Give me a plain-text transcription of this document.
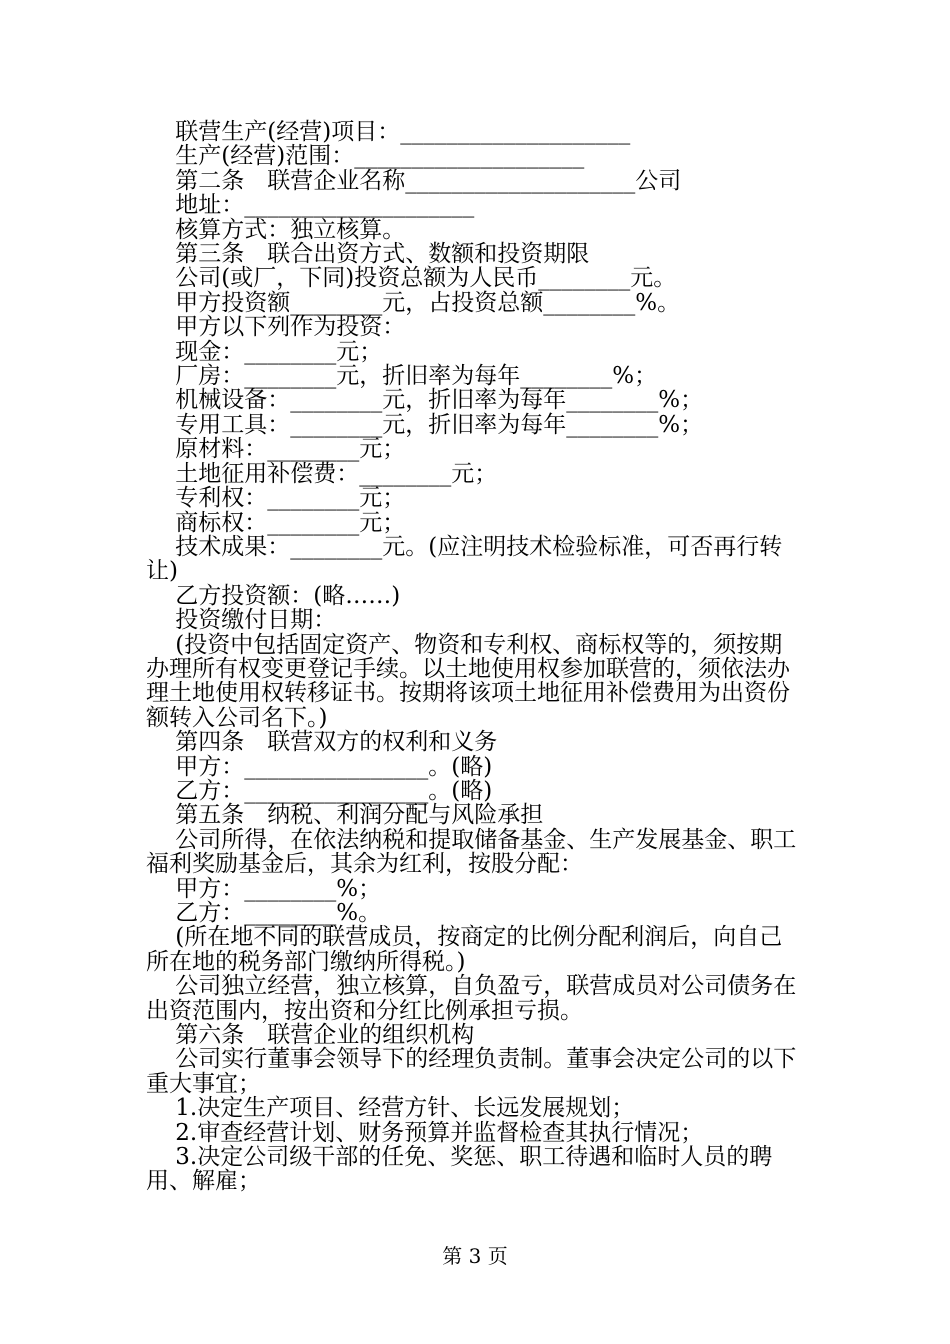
联营生产(经营)项目：____________________

生产(经营)范围：____________________

第二条　联营企业名称____________________公司

地址：____________________

核算方式：独立核算。

第三条　联合出资方式、数额和投资期限

公司(或厂，下同)投资总额为人民币________元。

甲方投资额________元，占投资总额________%。

甲方以下列作为投资：

现金：________元；

厂房：________元，折旧率为每年________%；

机械设备：________元，折旧率为每年________%；

专用工具：________元，折旧率为每年________%；

原材料：________元；

土地征用补偿费：________元；

专利权：________元；

商标权：________元；

技术成果：________元。(应注明技术检验标准，可否再行转让)

乙方投资额：(略……)

投资缴付日期：

(投资中包括固定资产、物资和专利权、商标权等的，须按期办理所有权变更登记手续。以土地使用权参加联营的，须依法办理土地使用权转移证书。按期将该项土地征用补偿费用为出资份额转入公司名下。)

第四条　联营双方的权利和义务

甲方：________________。(略)

乙方：________________。(略)

第五条　纳税、利润分配与风险承担

公司所得，在依法纳税和提取储备基金、生产发展基金、职工福利奖励基金后，其余为红利，按股分配：

甲方：________%；

乙方：________%。

(所在地不同的联营成员，按商定的比例分配利润后，向自己所在地的税务部门缴纳所得税。)

公司独立经营，独立核算，自负盈亏，联营成员对公司债务在出资范围内，按出资和分红比例承担亏损。

第六条　联营企业的组织机构

公司实行董事会领导下的经理负责制。董事会决定公司的以下重大事宜；

1.决定生产项目、经营方针、长远发展规划；

2.审查经营计划、财务预算并监督检查其执行情况；

3.决定公司级干部的任免、奖惩、职工待遇和临时人员的聘用、解雇；

第 3 页
